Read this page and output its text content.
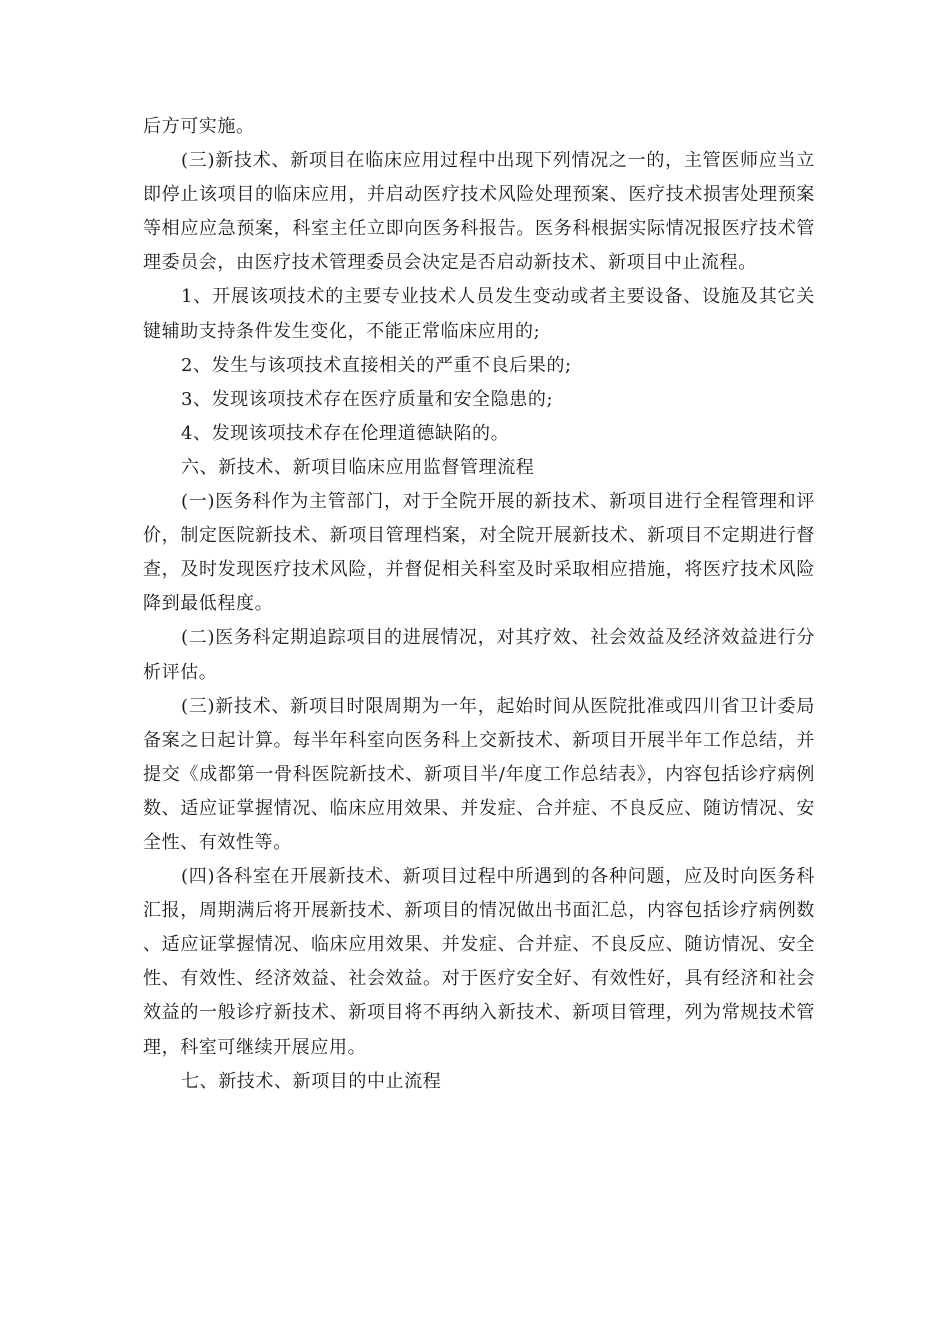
后方可实施。

(三)新技术、新项目在临床应用过程中出现下列情况之一的，主管医师应当立即停止该项目的临床应用，并启动医疗技术风险处理预案、医疗技术损害处理预案等相应应急预案，科室主任立即向医务科报告。医务科根据实际情况报医疗技术管理委员会，由医疗技术管理委员会决定是否启动新技术、新项目中止流程。

1、开展该项技术的主要专业技术人员发生变动或者主要设备、设施及其它关键辅助支持条件发生变化，不能正常临床应用的;

2、发生与该项技术直接相关的严重不良后果的;

3、发现该项技术存在医疗质量和安全隐患的;

4、发现该项技术存在伦理道德缺陷的。

六、新技术、新项目临床应用监督管理流程

(一)医务科作为主管部门，对于全院开展的新技术、新项目进行全程管理和评价，制定医院新技术、新项目管理档案，对全院开展新技术、新项目不定期进行督查，及时发现医疗技术风险，并督促相关科室及时采取相应措施，将医疗技术风险降到最低程度。

(二)医务科定期追踪项目的进展情况，对其疗效、社会效益及经济效益进行分析评估。

(三)新技术、新项目时限周期为一年，起始时间从医院批准或四川省卫计委局备案之日起计算。每半年科室向医务科上交新技术、新项目开展半年工作总结，并提交《成都第一骨科医院新技术、新项目半/年度工作总结表》，内容包括诊疗病例数、适应证掌握情况、临床应用效果、并发症、合并症、不良反应、随访情况、安全性、有效性等。

(四)各科室在开展新技术、新项目过程中所遇到的各种问题，应及时向医务科汇报，周期满后将开展新技术、新项目的情况做出书面汇总，内容包括诊疗病例数、适应证掌握情况、临床应用效果、并发症、合并症、不良反应、随访情况、安全性、有效性、经济效益、社会效益。对于医疗安全好、有效性好，具有经济和社会效益的一般诊疗新技术、新项目将不再纳入新技术、新项目管理，列为常规技术管理，科室可继续开展应用。

七、新技术、新项目的中止流程
